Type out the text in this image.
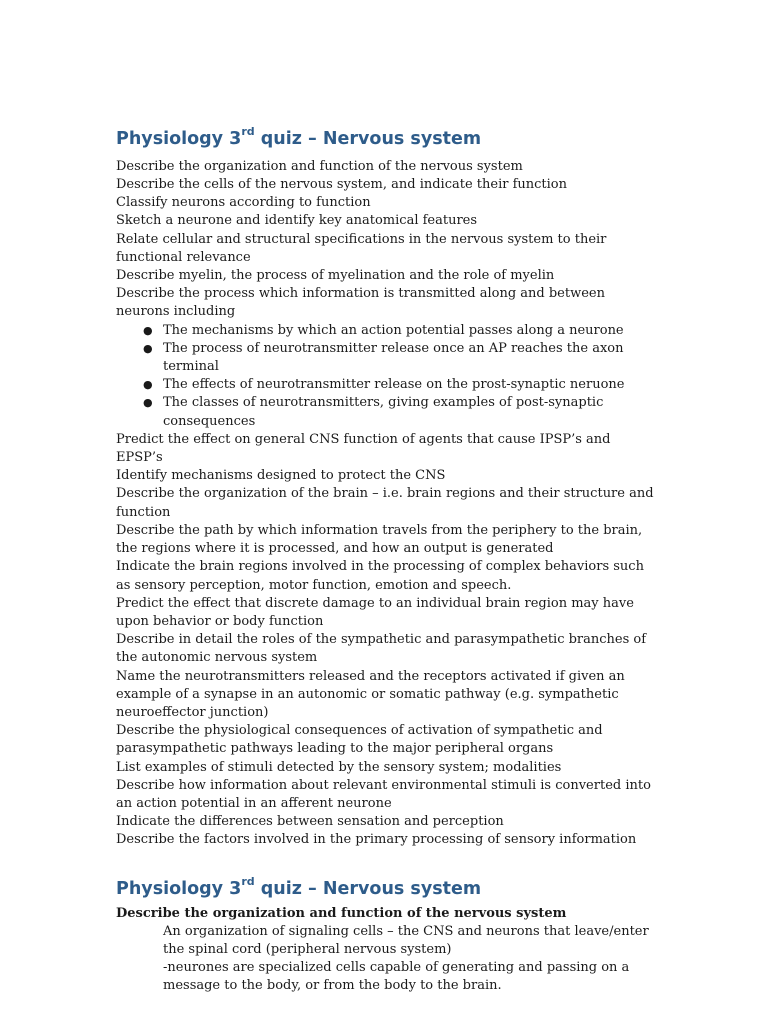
Physiology 3rd quiz – Nervous system

Describe the organization and function of the nervous system

Describe the cells of the nervous system, and indicate their function

Classify neurons according to function

Sketch a neurone and identify key anatomical features

Relate cellular and structural specifications in the nervous system to their functional relevance

Describe myelin, the process of myelination and the role of myelin

Describe the process which information is transmitted along and between neurons including

● The mechanisms by which an action potential passes along a neurone
● The process of neurotransmitter release once an AP reaches the axon terminal
● The effects of neurotransmitter release on the prost-synaptic neruone
● The classes of neurotransmitters, giving examples of post-synaptic consequences

Predict the effect on general CNS function of agents that cause IPSP’s and EPSP’s

Identify mechanisms designed to protect the CNS

Describe the organization of the brain – i.e. brain regions and their structure and function

Describe the path by which information travels from the periphery to the brain, the regions where it is processed, and how an output is generated

Indicate the brain regions involved in the processing of complex behaviors such as sensory perception, motor function, emotion and speech.

Predict the effect that discrete damage to an individual brain region may have upon behavior or body function

Describe in detail the roles of the sympathetic and parasympathetic branches of the autonomic nervous system

Name the neurotransmitters released and the receptors activated if given an example of a synapse in an autonomic or somatic pathway (e.g. sympathetic neuroeffector junction)

Describe the physiological consequences of activation of sympathetic and parasympathetic pathways leading to the major peripheral organs

List examples of stimuli detected by the sensory system; modalities

Describe how information about relevant environmental stimuli is converted into an action potential in an afferent neurone

Indicate the differences between sensation and perception

Describe the factors involved in the primary processing of sensory information

Physiology 3rd quiz – Nervous system

Describe the organization and function of the nervous system

An organization of signaling cells – the CNS and neurons that leave/enter the spinal cord (peripheral nervous system)

-neurones are specialized cells capable of generating and passing on a message to the body, or from the body to the brain.
